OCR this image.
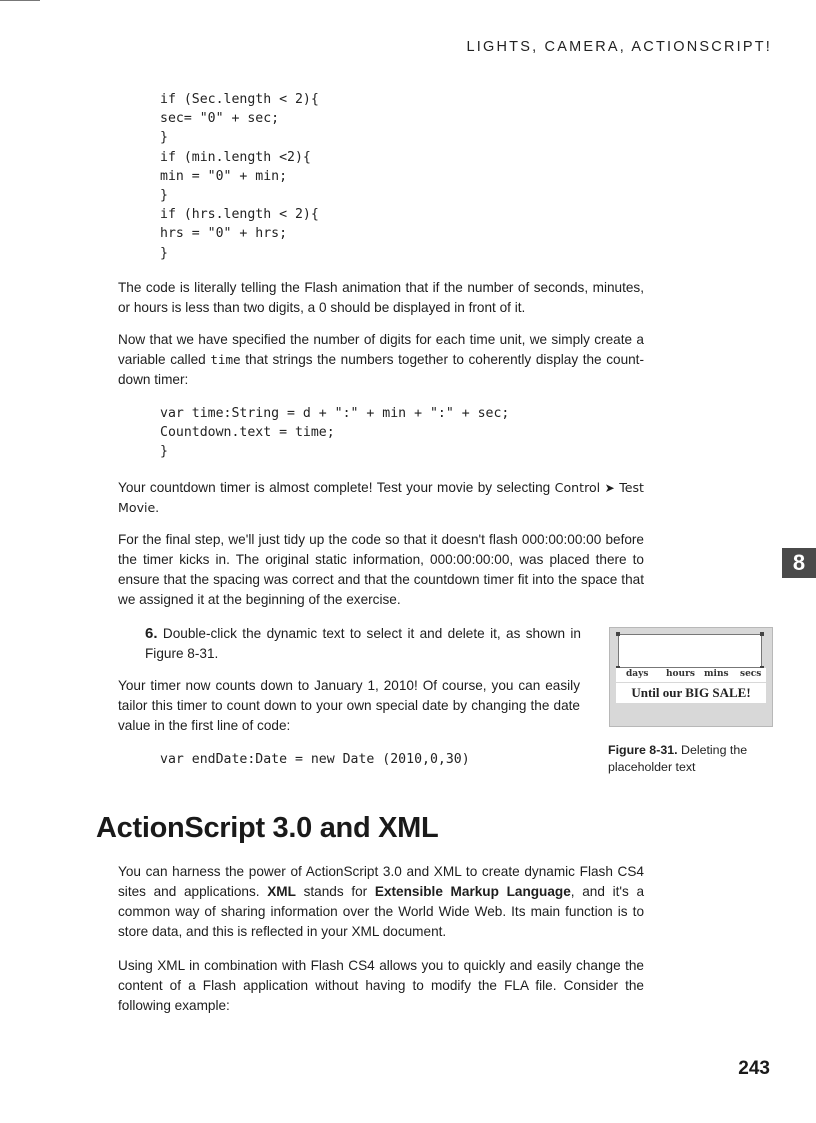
LIGHTS, CAMERA, ACTIONSCRIPT!
if (Sec.length < 2){
sec= "0" + sec;
}
if (min.length <2){
min = "0" + min;
}
if (hrs.length < 2){
hrs = "0" + hrs;
}

The code is literally telling the Flash animation that if the number of seconds, minutes, or hours is less than two digits, a 0 should be displayed in front of it.

Now that we have specified the number of digits for each time unit, we simply create a variable called time that strings the numbers together to coherently display the count-down timer:

var time:String = d + ":" + min + ":" + sec;
Countdown.text = time;
}

Your countdown timer is almost complete! Test your movie by selecting Control ➤ Test Movie.

For the final step, we'll just tidy up the code so that it doesn't flash 000:00:00:00 before the timer kicks in. The original static information, 000:00:00:00, was placed there to ensure that the spacing was correct and that the countdown timer fit into the space that we assigned it at the beginning of the exercise.

8
6. Double-click the dynamic text to select it and delete it, as shown in Figure 8-31.

Your timer now counts down to January 1, 2010! Of course, you can easily tailor this timer to count down to your own special date by changing the date value in the first line of code:

var endDate:Date = new Date (2010,0,30)
days hours mins secs
Until our BIG SALE!
Figure 8-31. Deleting the placeholder text
ActionScript 3.0 and XML

You can harness the power of ActionScript 3.0 and XML to create dynamic Flash CS4 sites and applications. XML stands for Extensible Markup Language, and it's a common way of sharing information over the World Wide Web. Its main function is to store data, and this is reflected in your XML document.

Using XML in combination with Flash CS4 allows you to quickly and easily change the content of a Flash application without having to modify the FLA file. Consider the following example:

243
